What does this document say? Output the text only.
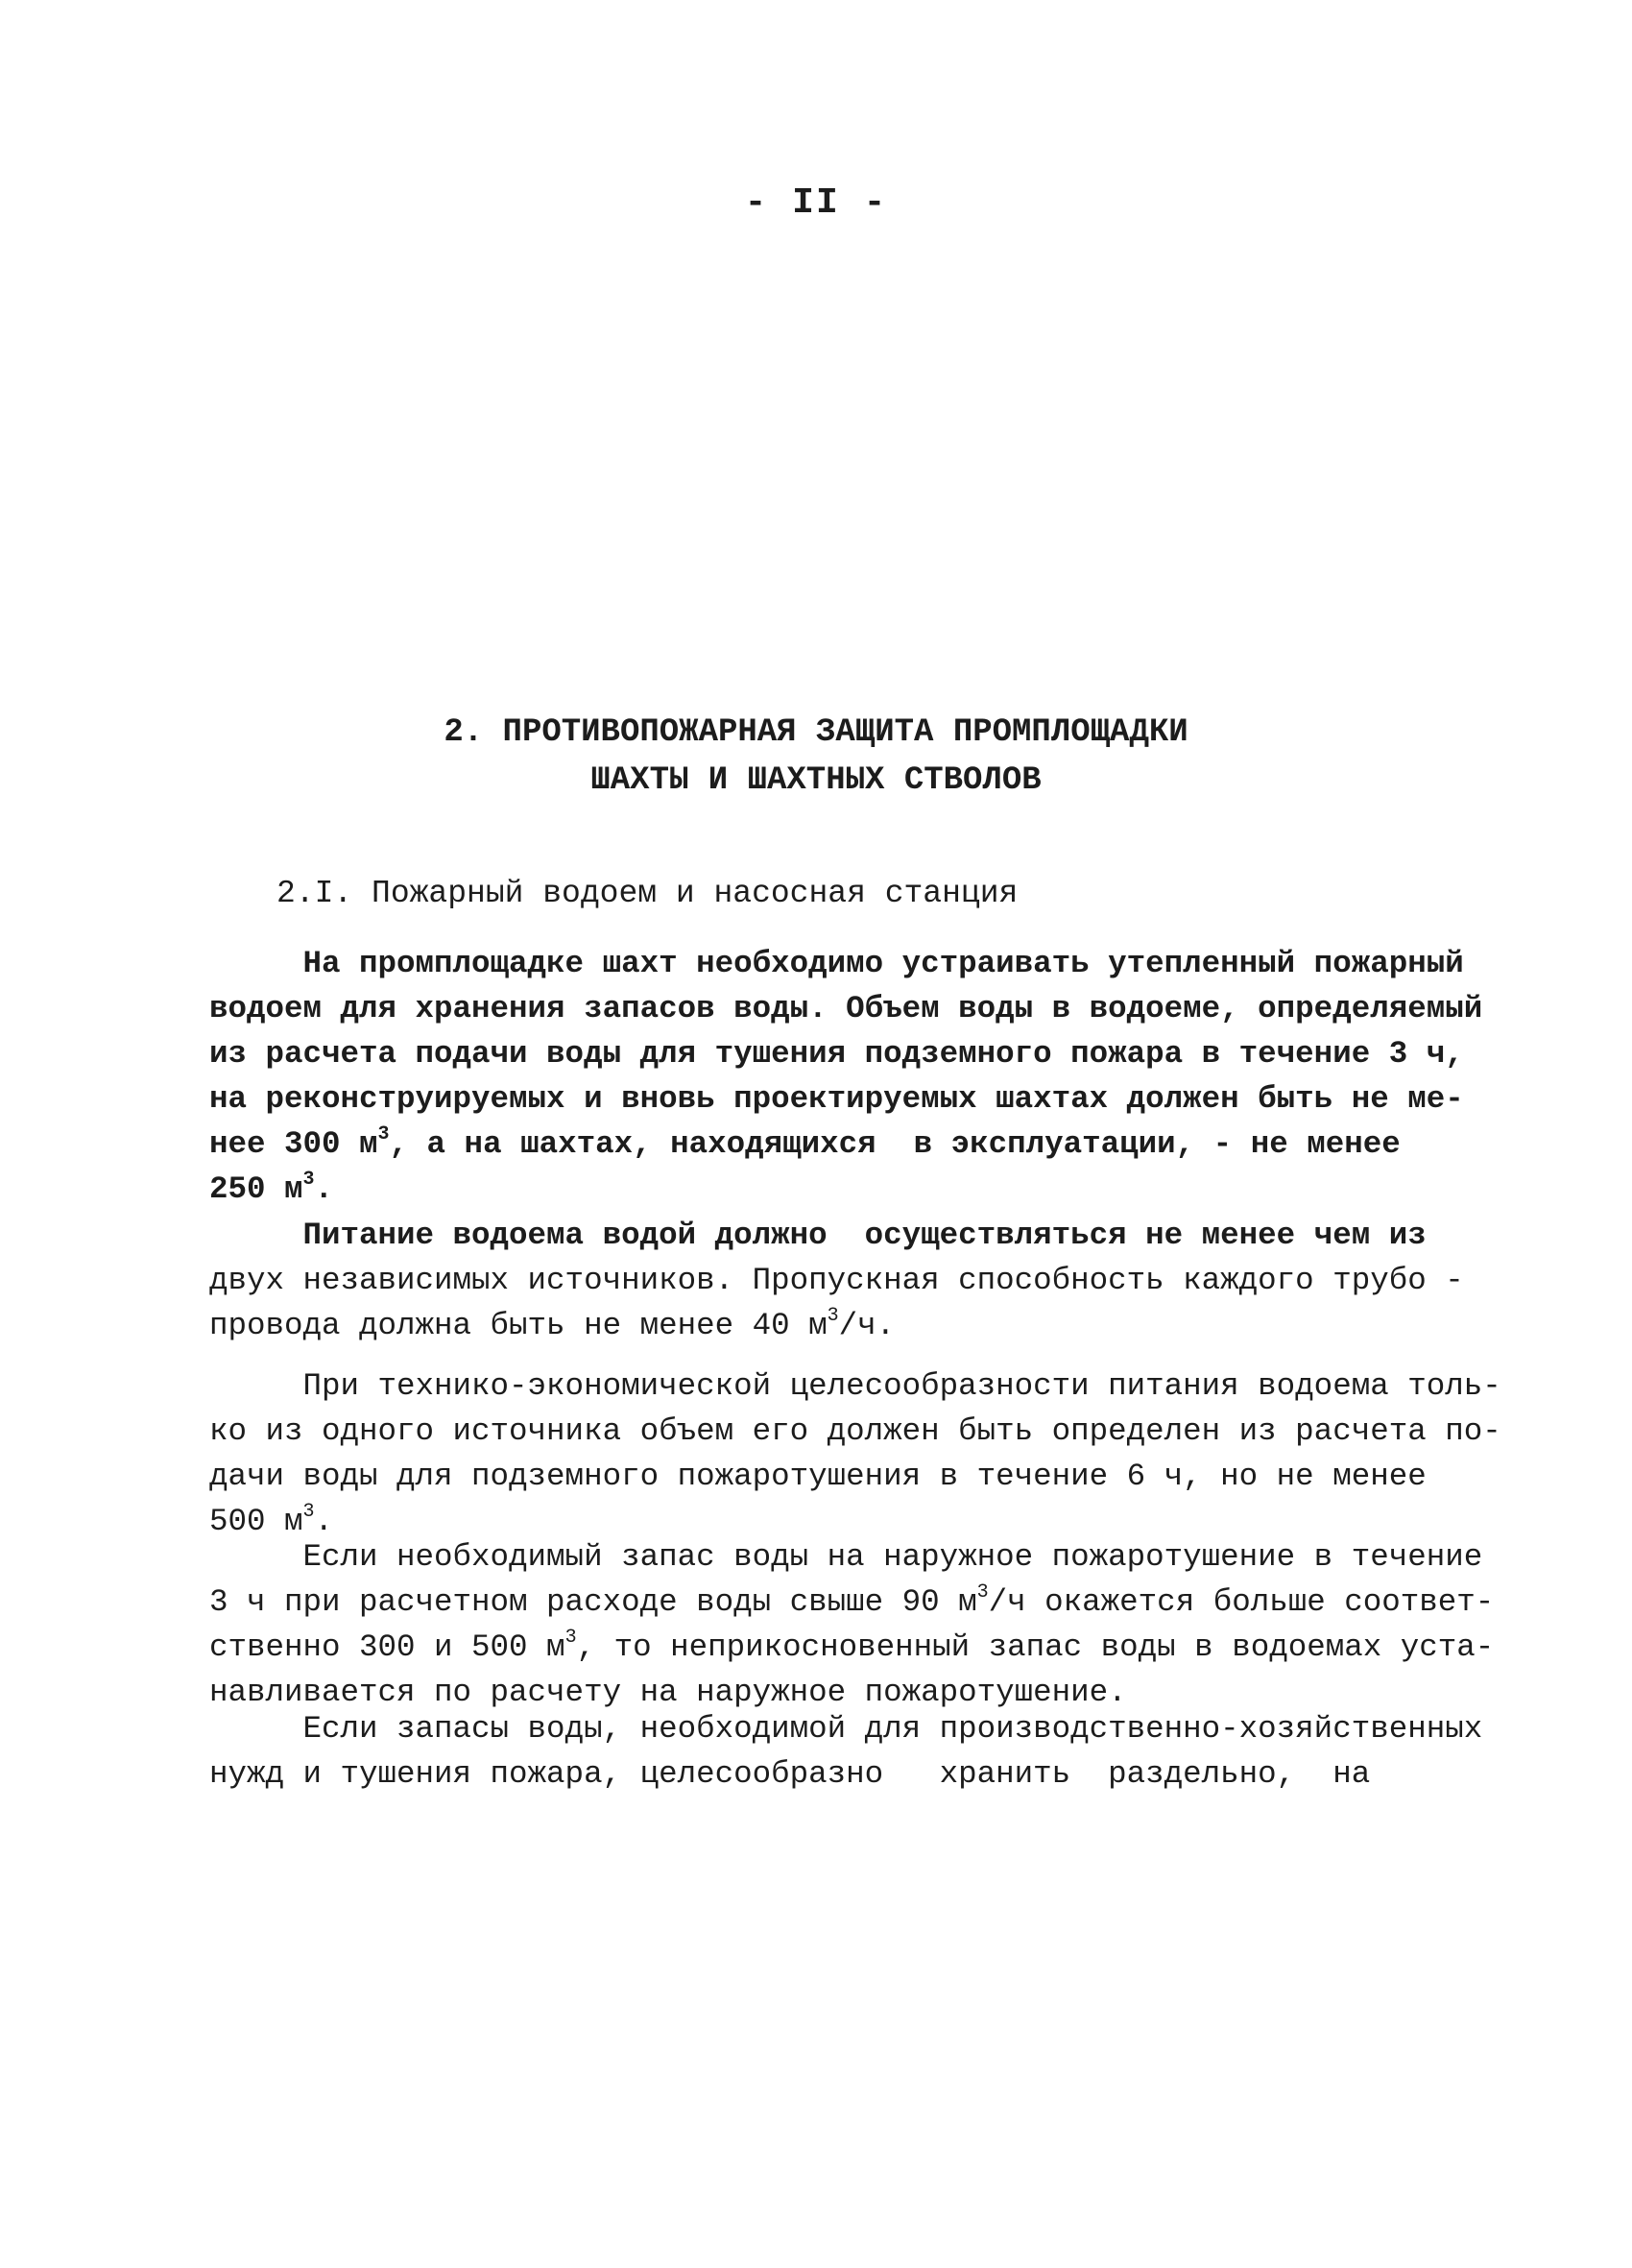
- II -
2. ПРОТИВОПОЖАРНАЯ ЗАЩИТА ПРОМПЛОЩАДКИ
ШАХТЫ И ШАХТНЫХ СТВОЛОВ
2.I. Пожарный водоем и насосная станция
На промплощадке шахт необходимо устраивать утепленный пожарный
водоем для хранения запасов воды. Объем воды в водоеме, определяемый
из расчета подачи воды для тушения подземного пожара в течение 3 ч,
на реконструируемых и вновь проектируемых шахтах должен быть не ме-
нее 300 $м^3$, а на шахтах, находящихся  в эксплуатации, - не менее
250 $м^3$.
Питание водоема водой должно  осуществляться не менее чем из
двух независимых источников. Пропускная способность каждого трубо -
провода должна быть не менее 40 $м^3/ч$.
При технико-экономической целесообразности питания водоема толь-
ко из одного источника объем его должен быть определен из расчета по-
дачи воды для подземного пожаротушения в течение 6 ч, но не менее
500 $м^3$.
Если необходимый запас воды на наружное пожаротушение в течение
3 ч при расчетном расходе воды свыше 90 $м^3/ч$ окажется больше соответ-
ственно 300 и 500 $м^3$, то неприкосновенный запас воды в водоемах уста-
навливается по расчету на наружное пожаротушение.
Если запасы воды, необходимой для производственно-хозяйственных
нужд и тушения пожара, целесообразно   хранить  раздельно,  на
